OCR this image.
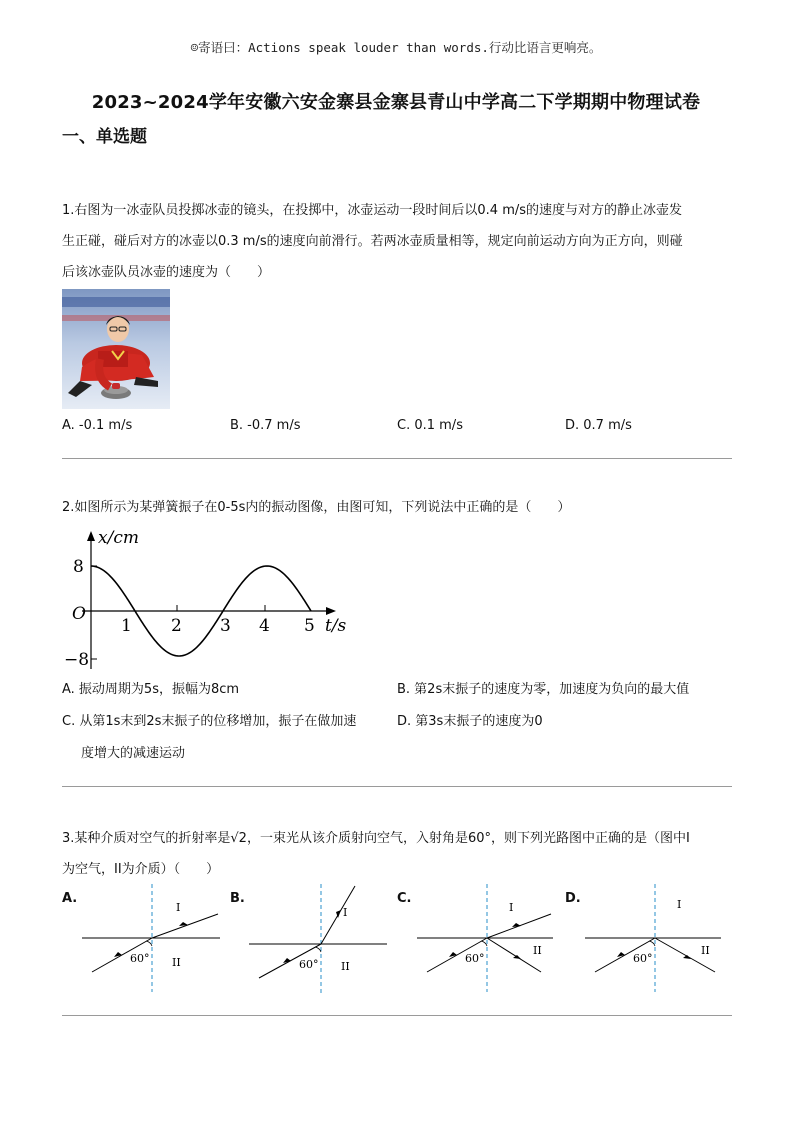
☺寄语曰：Actions speak louder than words.行动比语言更响亮。
2023~2024学年安徽六安金寨县金寨县青山中学高二下学期期中物理试卷
一、单选题
1.右图为一冰壶队员投掷冰壶的镜头，在投掷中，冰壶运动一段时间后以0.4 m/s的速度与对方的静止冰壶发
生正碰，碰后对方的冰壶以0.3 m/s的速度向前滑行。若两冰壶质量相等，规定向前运动方向为正方向，则碰
后该冰壶队员冰壶的速度为（　　）
A. -0.1 m/s	B. -0.7 m/s	C. 0.1 m/s	D. 0.7 m/s
2.如图所示为某弹簧振子在0-5s内的振动图像，由图可知，下列说法中正确的是（　　）
x/cm
8
−8
O
1 2 3 4 5 t/s
A. 振动周期为5s，振幅为8cm	B. 第2s末振子的速度为零，加速度为负向的最大值
C. 从第1s末到2s末振子的位移增加，振子在做加速
度增大的减速运动
D. 第3s末振子的速度为0
3.某种介质对空气的折射率是√2，一束光从该介质射向空气，入射角是60°，则下列光路图中正确的是（图中I
为空气，II为介质）（　　）
A.	B.	C.	D.
I
II
60°
I
II
60°
I
II
60°
I
II
60°
